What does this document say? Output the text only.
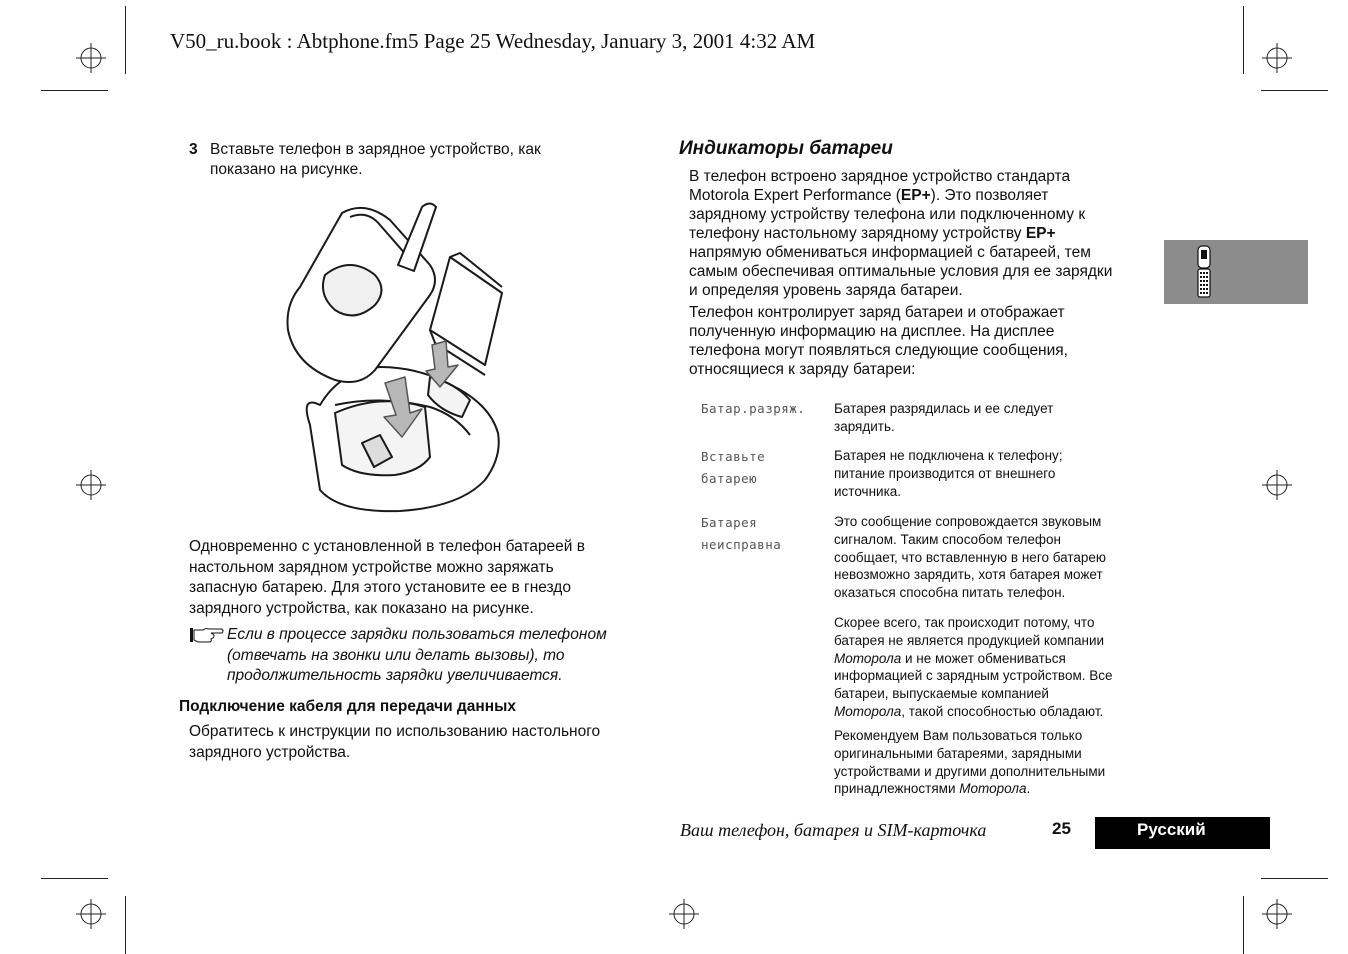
V50_ru.book : Abtphone.fm5 Page 25 Wednesday, January 3, 2001 4:32 AM
3 Вставьте телефон в зарядное устройство, как
показано на рисунке.
Одновременно с установленной в телефон батареей в
настольном зарядном устройстве можно заряжать
запасную батарею. Для этого установите ее в гнездо
зарядного устройства, как показано на рисунке.
Если в процессе зарядки пользоваться телефоном
(отвечать на звонки или делать вызовы), то
продолжительность зарядки увеличивается.
Подключение кабеля для передачи данных
Обратитесь к инструкции по использованию настольного
зарядного устройства.
Индикаторы батареи
В телефон встроено зарядное устройство стандарта
Motorola Expert Performance (EP+). Это позволяет
зарядному устройству телефона или подключенному к
телефону настольному зарядному устройству EP+
напрямую обмениваться информацией с батареей, тем
самым обеспечивая оптимальные условия для ее зарядки
и определяя уровень заряда батареи.
Телефон контролирует заряд батареи и отображает
полученную информацию на дисплее. На дисплее
телефона могут появляться следующие сообщения,
относящиеся к заряду батареи:
Батар.разряж. Батарея разрядилась и ее следует
зарядить.
Вставьте
батарею
Батарея не подключена к телефону;
питание производится от внешнего
источника.
Батарея
неисправна
Это сообщение сопровождается звуковым
сигналом. Таким способом телефон
сообщает, что вставленную в него батарею
невозможно зарядить, хотя батарея может
оказаться способна питать телефон.
Скорее всего, так происходит потому, что
батарея не является продукцией компании
Моторола и не может обмениваться
информацией с зарядным устройством. Все
батареи, выпускаемые компанией
Моторола, такой способностью обладают.
Рекомендуем Вам пользоваться только
оригинальными батареями, зарядными
устройствами и другими дополнительными
принадлежностями Моторола.
Ваш телефон, батарея и SIM-карточка	25	Русский
